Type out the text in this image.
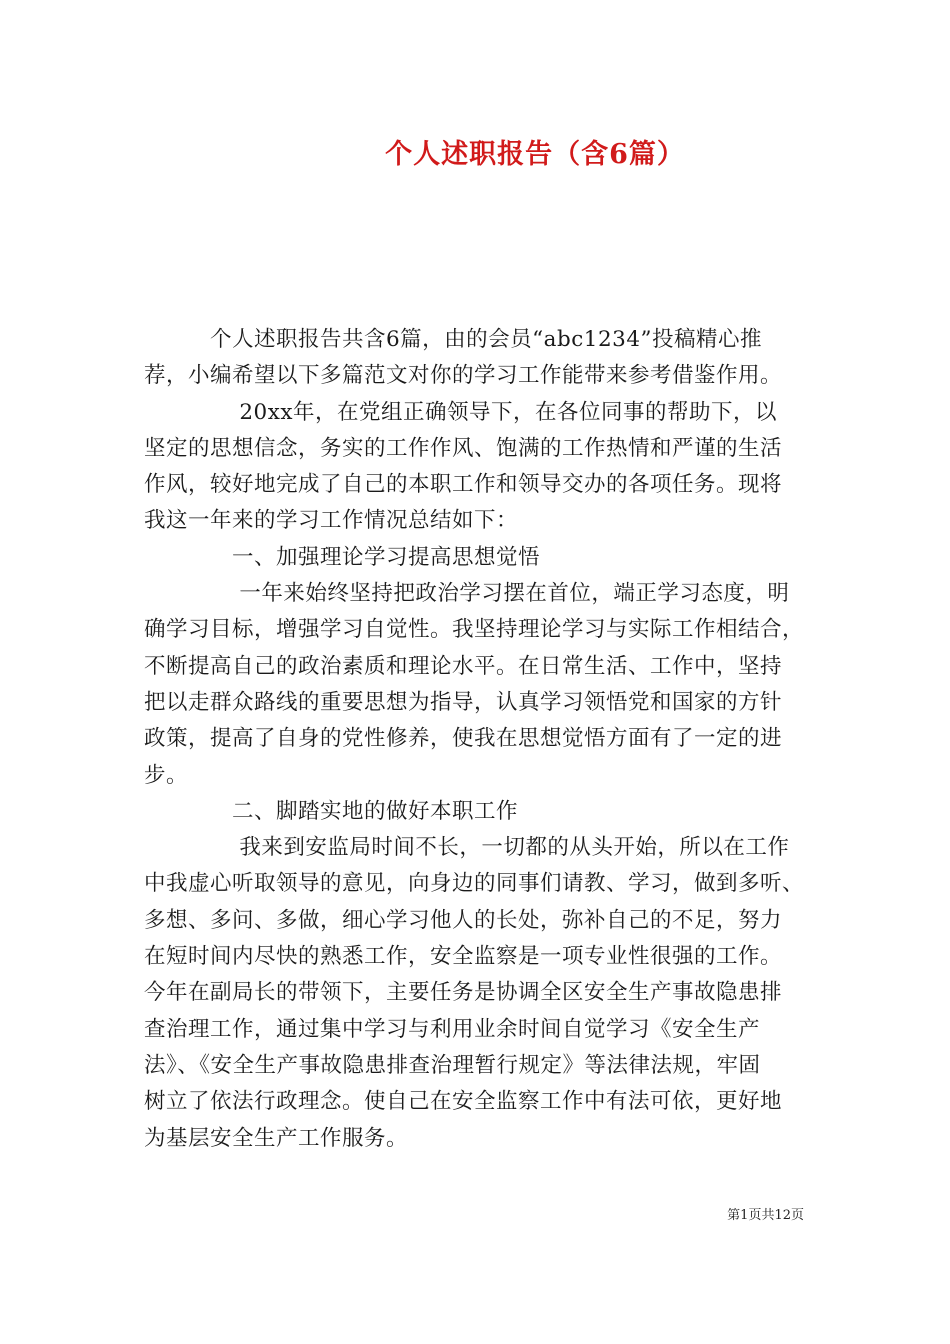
个人述职报告（含6篇）
　　　个人述职报告共含6篇，由的会员“abc1234”投稿精心推
荐，小编希望以下多篇范文对你的学习工作能带来参考借鉴作用。
　　　　 20xx年，在党组正确领导下，在各位同事的帮助下，以
坚定的思想信念，务实的工作作风、饱满的工作热情和严谨的生活
作风，较好地完成了自己的本职工作和领导交办的各项任务。现将
我这一年来的学习工作情况总结如下：
　　　　一、加强理论学习提高思想觉悟
　　　　 一年来始终坚持把政治学习摆在首位，端正学习态度，明
确学习目标，增强学习自觉性。我坚持理论学习与实际工作相结合，
不断提高自己的政治素质和理论水平。在日常生活、工作中，坚持
把以走群众路线的重要思想为指导，认真学习领悟党和国家的方针
政策，提高了自身的党性修养，使我在思想觉悟方面有了一定的进
步。
　　　　二、脚踏实地的做好本职工作
　　　　 我来到安监局时间不长，一切都的从头开始，所以在工作
中我虚心听取领导的意见，向身边的同事们请教、学习，做到多听、
多想、多问、多做，细心学习他人的长处，弥补自己的不足，努力
在短时间内尽快的熟悉工作，安全监察是一项专业性很强的工作。
今年在副局长的带领下，主要任务是协调全区安全生产事故隐患排
查治理工作，通过集中学习与利用业余时间自觉学习《安全生产
法》、《安全生产事故隐患排查治理暂行规定》等法律法规，牢固
树立了依法行政理念。使自己在安全监察工作中有法可依，更好地
为基层安全生产工作服务。
第1页共12页
